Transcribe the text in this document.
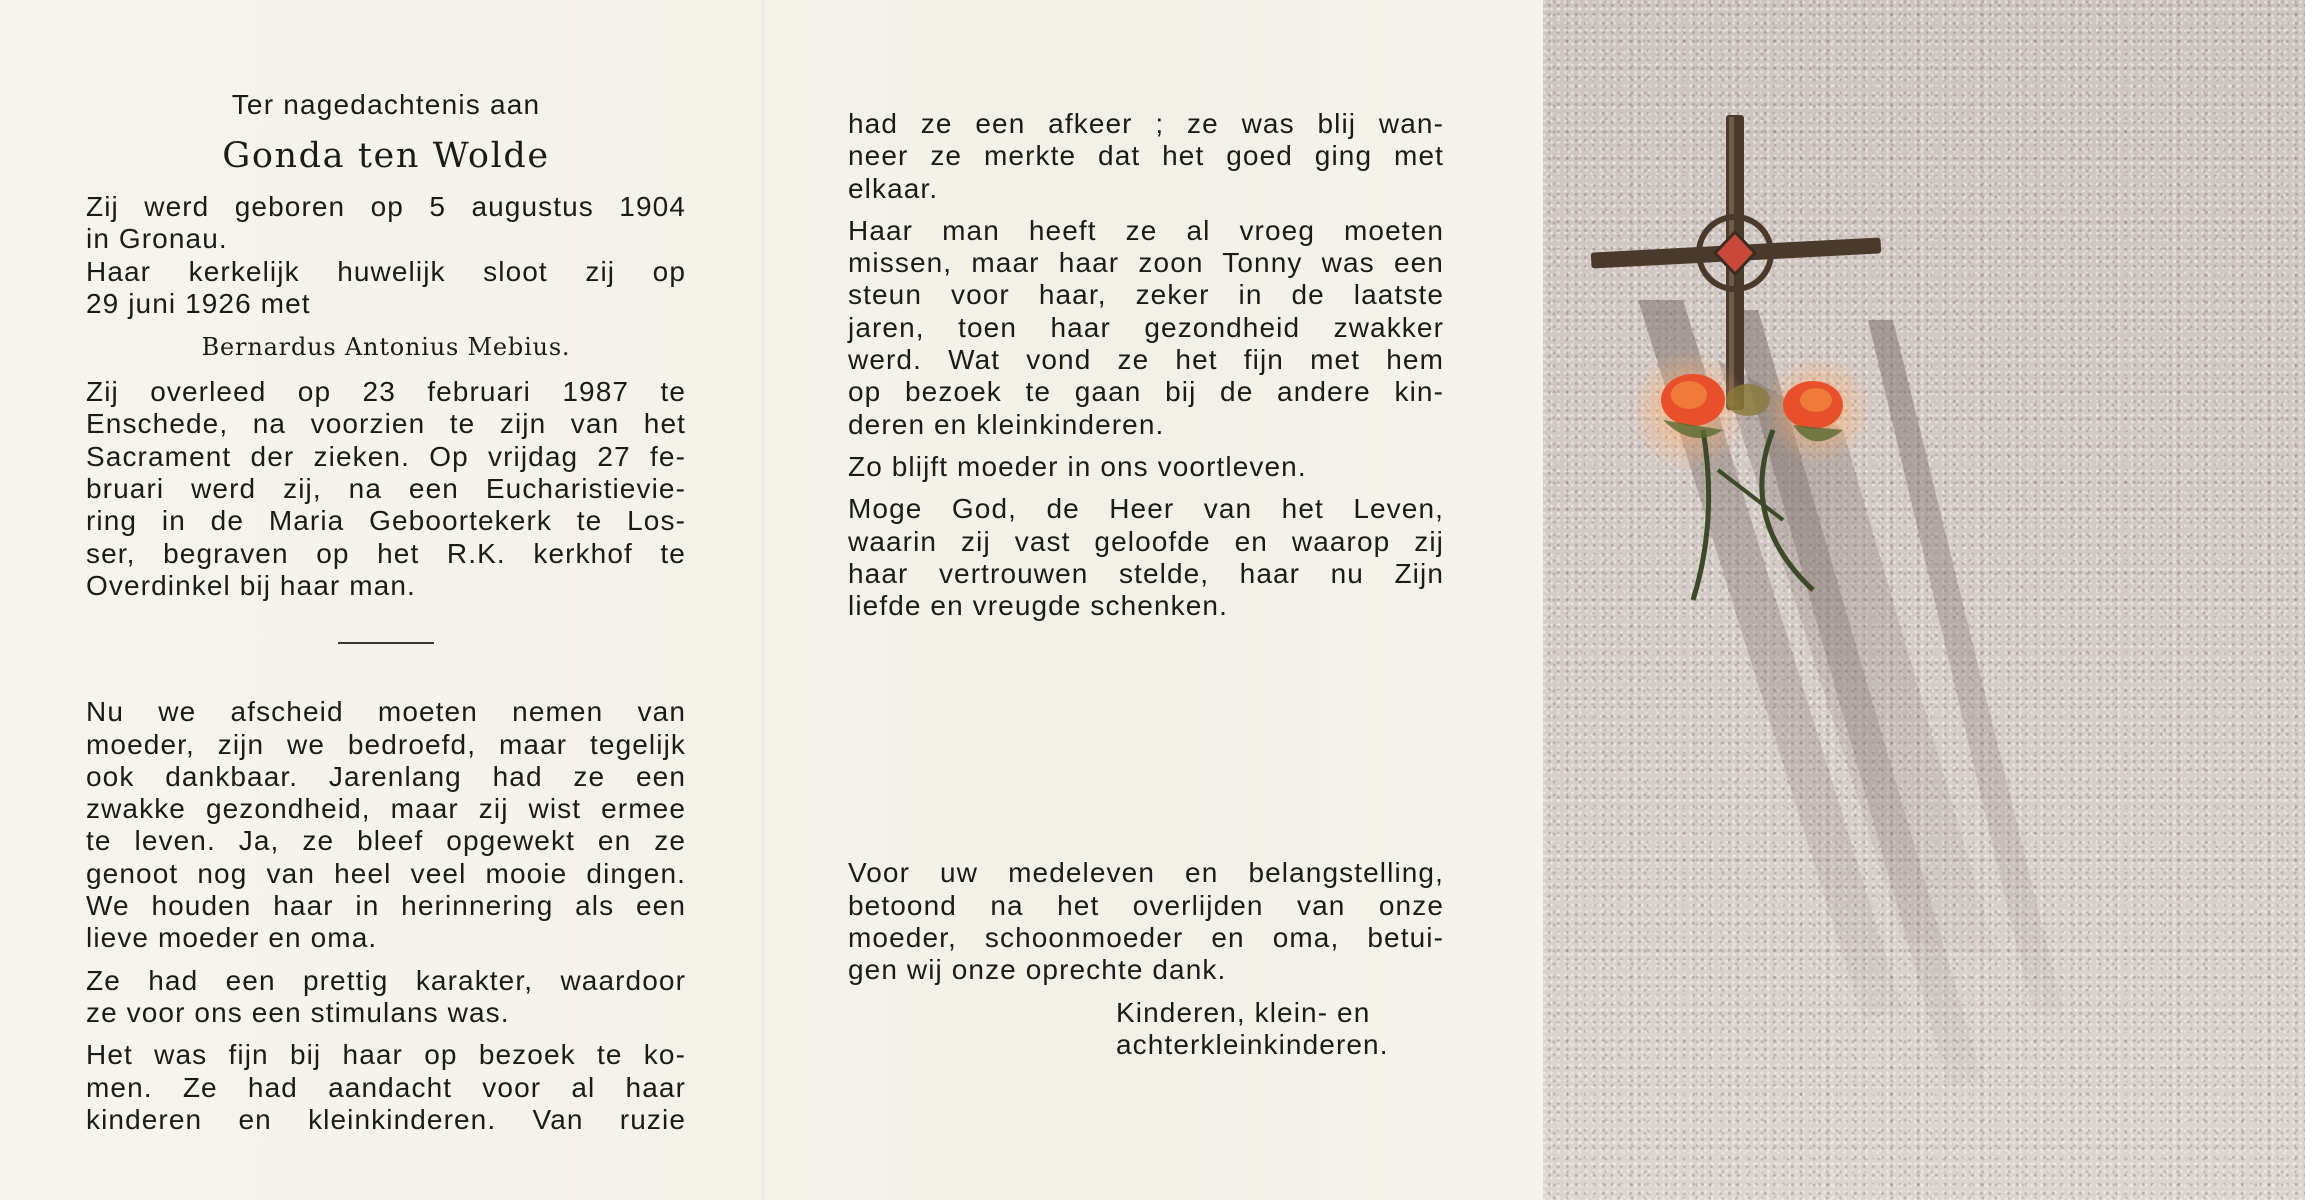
Ter nagedachtenis aan

Gonda ten Wolde

Zij werd geboren op 5 augustus 1904

in Gronau.

Haar kerkelijk huwelijk sloot zij op

29 juni 1926 met

Bernardus Antonius Mebius.

Zij overleed op 23 februari 1987 te

Enschede, na voorzien te zijn van het

Sacrament der zieken. Op vrijdag 27 fe-

bruari werd zij, na een Eucharistievie-

ring in de Maria Geboortekerk te Los-

ser, begraven op het R.K. kerkhof te

Overdinkel bij haar man.

Nu we afscheid moeten nemen van

moeder, zijn we bedroefd, maar tegelijk

ook dankbaar. Jarenlang had ze een

zwakke gezondheid, maar zij wist ermee

te leven. Ja, ze bleef opgewekt en ze

genoot nog van heel veel mooie dingen.

We houden haar in herinnering als een

lieve moeder en oma.

Ze had een prettig karakter, waardoor

ze voor ons een stimulans was.

Het was fijn bij haar op bezoek te ko-

men. Ze had aandacht voor al haar

kinderen en kleinkinderen. Van ruzie

had ze een afkeer ; ze was blij wan-

neer ze merkte dat het goed ging met

elkaar.

Haar man heeft ze al vroeg moeten

missen, maar haar zoon Tonny was een

steun voor haar, zeker in de laatste

jaren, toen haar gezondheid zwakker

werd. Wat vond ze het fijn met hem

op bezoek te gaan bij de andere kin-

deren en kleinkinderen.

Zo blijft moeder in ons voortleven.

Moge God, de Heer van het Leven,

waarin zij vast geloofde en waarop zij

haar vertrouwen stelde, haar nu Zijn

liefde en vreugde schenken.

Voor uw medeleven en belangstelling,

betoond na het overlijden van onze

moeder, schoonmoeder en oma, betui-

gen wij onze oprechte dank.

Kinderen, klein- en

achterkleinkinderen.
